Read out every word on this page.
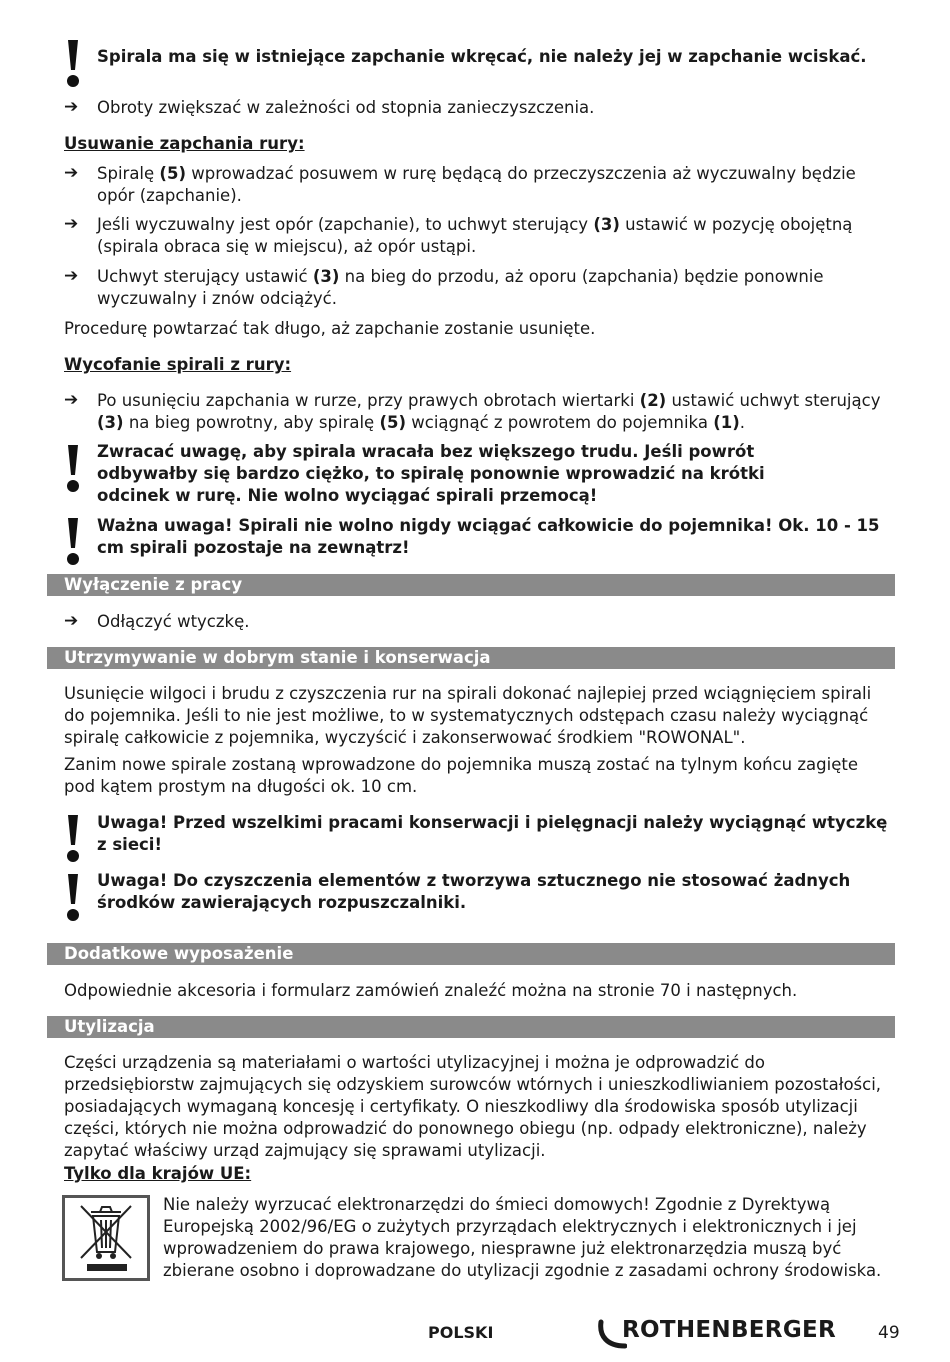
Spirala ma się w istniejące zapchanie wkręcać, nie należy jej w zapchanie wciskać.
➔ Obroty zwiększać w zależności od stopnia zanieczyszczenia.
Usuwanie zapchania rury:
➔ Spiralę (5) wprowadzać posuwem w rurę będącą do przeczyszczenia aż wyczuwalny będzie opór (zapchanie).
➔ Jeśli wyczuwalny jest opór (zapchanie), to uchwyt sterujący (3) ustawić w pozycję obojętną (spirala obraca się w miejscu), aż opór ustąpi.
➔ Uchwyt sterujący ustawić (3) na bieg do przodu, aż oporu (zapchania) będzie ponownie wyczuwalny i znów odciążyć.
Procedurę powtarzać tak długo, aż zapchanie zostanie usunięte.
Wycofanie spirali z rury:
➔ Po usunięciu zapchania w rurze, przy prawych obrotach wiertarki (2) ustawić uchwyt sterujący (3) na bieg powrotny, aby spiralę (5) wciągnąć z powrotem do pojemnika (1).
Zwracać uwagę, aby spirala wracała bez większego trudu. Jeśli powrót odbywałby się bardzo ciężko, to spiralę ponownie wprowadzić na krótki odcinek w rurę. Nie wolno wyciągać spirali przemocą!
Ważna uwaga! Spirali nie wolno nigdy wciągać całkowicie do pojemnika! Ok. 10 - 15 cm spirali pozostaje na zewnątrz!
Wyłączenie z pracy
➔ Odłączyć wtyczkę.
Utrzymywanie w dobrym stanie i konserwacja
Usunięcie wilgoci i brudu z czyszczenia rur na spirali dokonać najlepiej przed wciągnięciem spirali do pojemnika. Jeśli to nie jest możliwe, to w systematycznych odstępach czasu należy wyciągnąć spiralę całkowicie z pojemnika, wyczyścić i zakonserwować środkiem "ROWONAL".
Zanim nowe spirale zostaną wprowadzone do pojemnika muszą zostać na tylnym końcu zagięte pod kątem prostym na długości ok. 10 cm.
Uwaga! Przed wszelkimi pracami konserwacji i pielęgnacji należy wyciągnąć wtyczkę z sieci!
Uwaga! Do czyszczenia elementów z tworzywa sztucznego nie stosować żadnych środków zawierających rozpuszczalniki.
Dodatkowe wyposażenie
Odpowiednie akcesoria i formularz zamówień znaleźć można na stronie 70 i następnych.
Utylizacja
Części urządzenia są materiałami o wartości utylizacyjnej i można je odprowadzić do przedsiębiorstw zajmujących się odzyskiem surowców wtórnych i unieszkodliwianiem pozostałości, posiadających wymaganą koncesję i certyfikaty. O nieszkodliwy dla środowiska sposób utylizacji części, których nie można odprowadzić do ponownego obiegu (np. odpady elektroniczne), należy zapytać właściwy urząd zajmujący się sprawami utylizacji.
Tylko dla krajów UE:
Nie należy wyrzucać elektronarzędzi do śmieci domowych! Zgodnie z Dyrektywą Europejską 2002/96/EG o zużytych przyrządach elektrycznych i elektronicznych i jej wprowadzeniem do prawa krajowego, niesprawne już elektronarzędzia muszą być zbierane osobno i doprowadzane do utylizacji zgodnie z zasadami ochrony środowiska.
POLSKI	ROTHENBERGER 49
